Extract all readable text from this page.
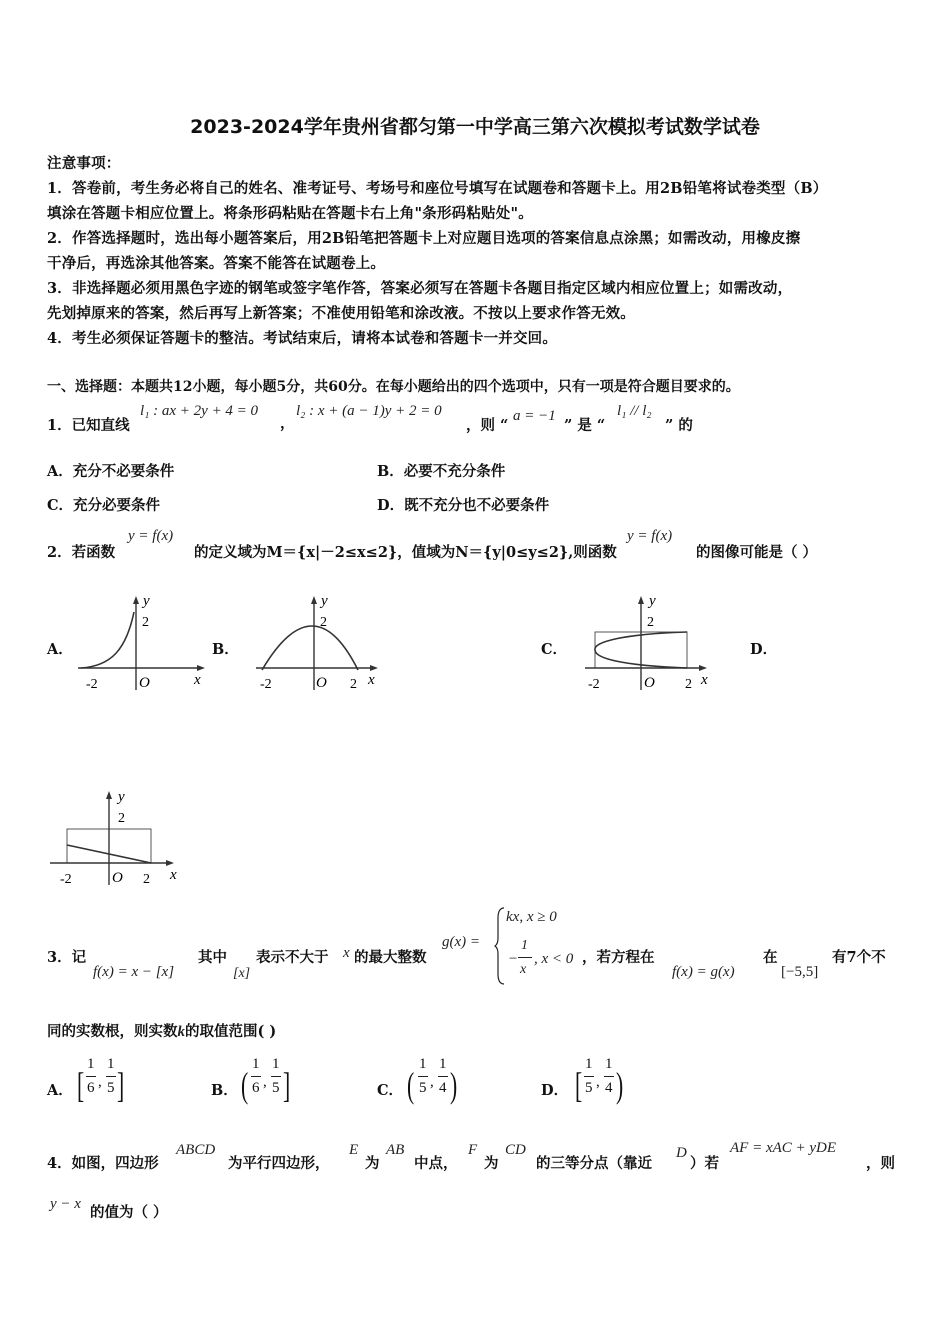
2023-2024学年贵州省都匀第一中学高三第六次模拟考试数学试卷
注意事项：
1．答卷前，考生务必将自己的姓名、准考证号、考场号和座位号填写在试题卷和答题卡上。用2B铅笔将试卷类型（B）
填涂在答题卡相应位置上。将条形码粘贴在答题卡右上角"条形码粘贴处"。
2．作答选择题时，选出每小题答案后，用2B铅笔把答题卡上对应题目选项的答案信息点涂黑；如需改动，用橡皮擦
干净后，再选涂其他答案。答案不能答在试题卷上。
3．非选择题必须用黑色字迹的钢笔或签字笔作答，答案必须写在答题卡各题目指定区域内相应位置上；如需改动，
先划掉原来的答案，然后再写上新答案；不准使用铅笔和涂改液。不按以上要求作答无效。
4．考生必须保证答题卡的整洁。考试结束后，请将本试卷和答题卡一并交回。
一、选择题：本题共12小题，每小题5分，共60分。在每小题给出的四个选项中，只有一项是符合题目要求的。
1．已知直线
l₁ : ax + 2y + 4 = 0
，
l₂ : x + (a − 1)y + 2 = 0
，则 “
a = −1
” 是 “
l₁ // l₂
” 的
A．充分不必要条件	B．必要不充分条件
C．充分必要条件	D．既不充分也不必要条件
2．若函数
y = f(x)
的定义域为M＝{x|－2≤x≤2}，值域为N＝{y|0≤y≤2},则函数
y = f(x)
的图像可能是（ ）
A．	B．	C．	D．
y
2
-2	O	x
y
2
-2	O 2 x
y
2
-2	O 2 x
y
2
-2	O 2 x
3．记
f(x) = x − [x]
其中
[x]
表示不大于 x 的最大整数
g(x) =
kx, x ≥ 0
−
1
x
, x < 0 ，若方程在
f(x) = g(x)
在
[−5,5]
有7个不
同的实数根，则实数k的取值范围( )
A． [
1
6 ,
1
5 ]	B． (
1
6 ,
1
5 ]	C． (
1
5 ,
1
4 )	D． [
1
5 ,
1
4 )
4．如图，四边形
ABCD
为平行四边形，
E
为
AB
中点，
F
为
CD
的三等分点（靠近
D
）若
AF = xAC + yDE
，则
y − x 的值为（ ）
